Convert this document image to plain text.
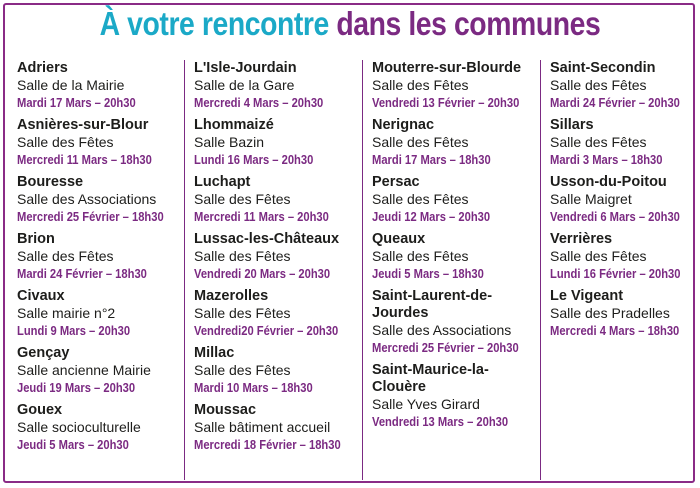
À votre rencontre dans les communes
Adriers
Salle de la Mairie
Mardi 17 Mars – 20h30
Asnières-sur-Blour
Salle des Fêtes
Mercredi 11 Mars – 18h30
Bouresse
Salle des Associations
Mercredi 25 Février – 18h30
Brion
Salle des Fêtes
Mardi 24 Février – 18h30
Civaux
Salle mairie n°2
Lundi 9 Mars – 20h30
Gençay
Salle ancienne Mairie
Jeudi 19 Mars – 20h30
Gouex
Salle socioculturelle
Jeudi 5 Mars – 20h30
L'Isle-Jourdain
Salle de la Gare
Mercredi 4 Mars – 20h30
Lhommaizé
Salle Bazin
Lundi 16 Mars – 20h30
Luchapt
Salle des Fêtes
Mercredi 11 Mars – 20h30
Lussac-les-Châteaux
Salle des Fêtes
Vendredi 20 Mars – 20h30
Mazerolles
Salle des Fêtes
Vendredi20 Février – 20h30
Millac
Salle des Fêtes
Mardi 10 Mars – 18h30
Moussac
Salle bâtiment accueil
Mercredi 18 Février – 18h30
Mouterre-sur-Blourde
Salle des Fêtes
Vendredi 13 Février – 20h30
Nerignac
Salle des Fêtes
Mardi 17 Mars – 18h30
Persac
Salle des Fêtes
Jeudi 12 Mars – 20h30
Queaux
Salle des Fêtes
Jeudi 5 Mars – 18h30
Saint-Laurent-de-
Jourdes
Salle des Associations
Mercredi 25 Février – 20h30
Saint-Maurice-la-
Clouère
Salle Yves Girard
Vendredi 13 Mars – 20h30
Saint-Secondin
Salle des Fêtes
Mardi 24 Février – 20h30
Sillars
Salle des Fêtes
Mardi 3 Mars – 18h30
Usson-du-Poitou
Salle Maigret
Vendredi 6 Mars – 20h30
Verrières
Salle des Fêtes
Lundi 16 Février – 20h30
Le Vigeant
Salle des Pradelles
Mercredi 4 Mars – 18h30
